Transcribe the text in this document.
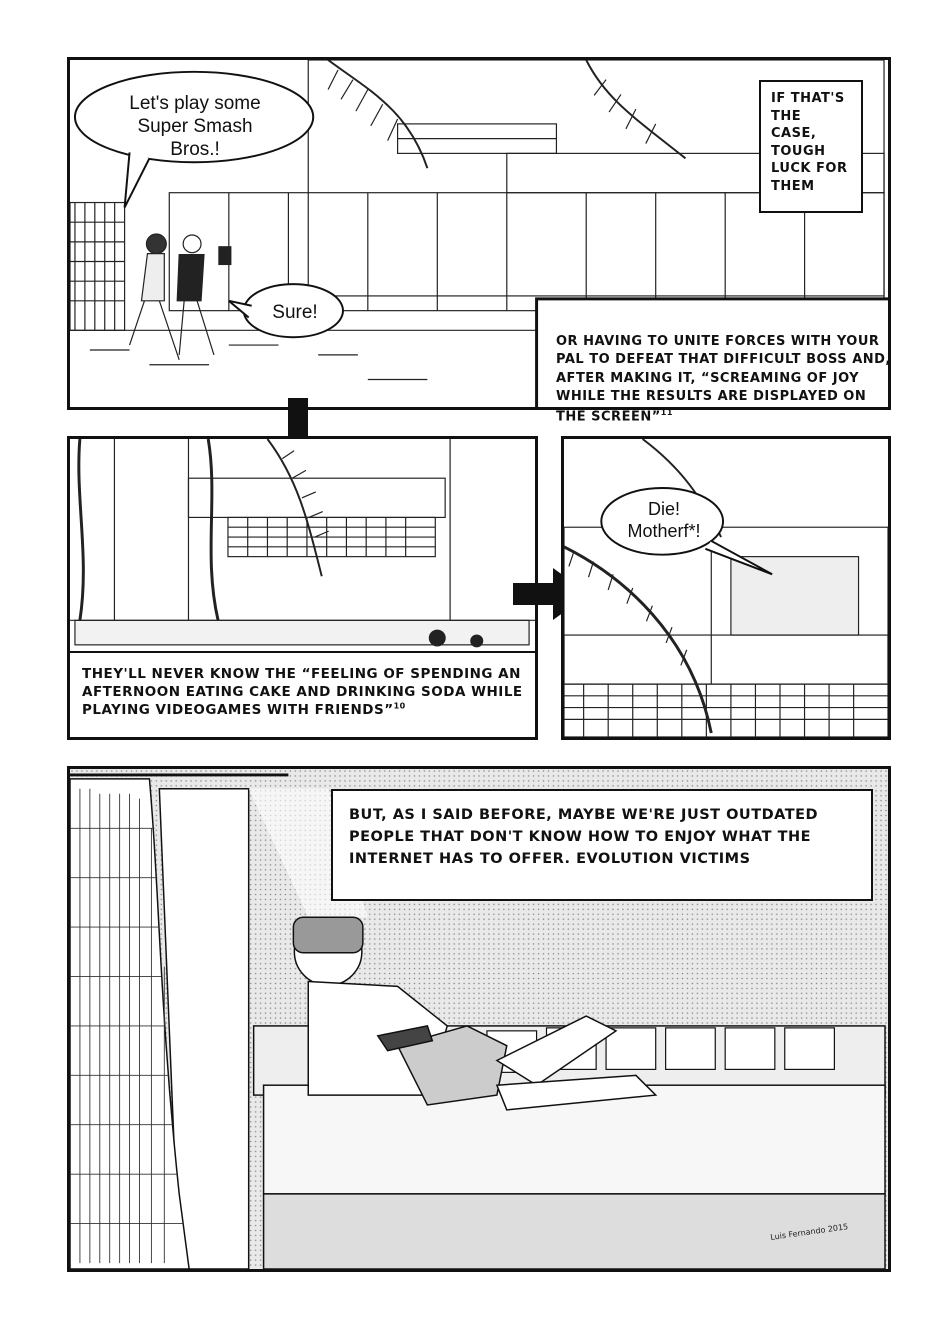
Let's play some Super Smash Bros.!
Sure!
IF THAT'S THE CASE, TOUGH LUCK FOR THEM
OR HAVING TO UNITE FORCES WITH YOUR PAL TO DEFEAT THAT DIFFICULT BOSS AND, AFTER MAKING IT, “SCREAMING OF JOY WHILE THE RESULTS ARE DISPLAYED ON THE SCREEN”$^{11}$
THEY'LL NEVER KNOW THE “FEELING OF SPENDING AN AFTERNOON EATING CAKE AND DRINKING SODA WHILE PLAYING VIDEOGAMES WITH FRIENDS”$^{10}$
Die! Motherf*!
BUT, AS I SAID BEFORE, MAYBE WE'RE JUST OUTDATED PEOPLE THAT DON'T KNOW HOW TO ENJOY WHAT THE INTERNET HAS TO OFFER. EVOLUTION VICTIMS
Luis Fernando 2015
